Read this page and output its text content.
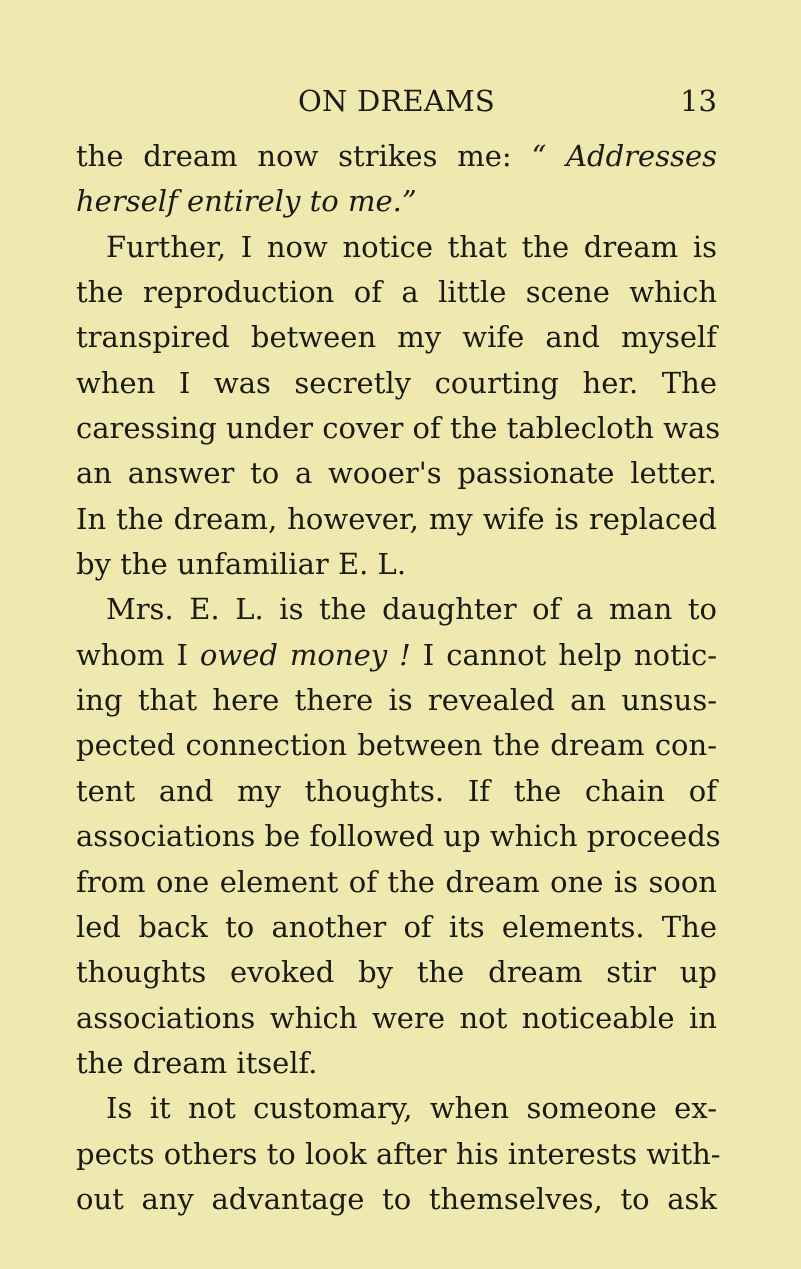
ON DREAMS	13
the dream now strikes me: “ Addresses
herself entirely to me.”
Further, I now notice that the dream is
the reproduction of a little scene which
transpired between my wife and myself
when I was secretly courting her. The
caressing under cover of the tablecloth was
an answer to a wooer's passionate letter.
In the dream, however, my wife is replaced
by the unfamiliar E. L.
Mrs. E. L. is the daughter of a man to
whom I owed money ! I cannot help notic-
ing that here there is revealed an unsus-
pected connection between the dream con-
tent and my thoughts. If the chain of
associations be followed up which proceeds
from one element of the dream one is soon
led back to another of its elements. The
thoughts evoked by the dream stir up
associations which were not noticeable in
the dream itself.
Is it not customary, when someone ex-
pects others to look after his interests with-
out any advantage to themselves, to ask
